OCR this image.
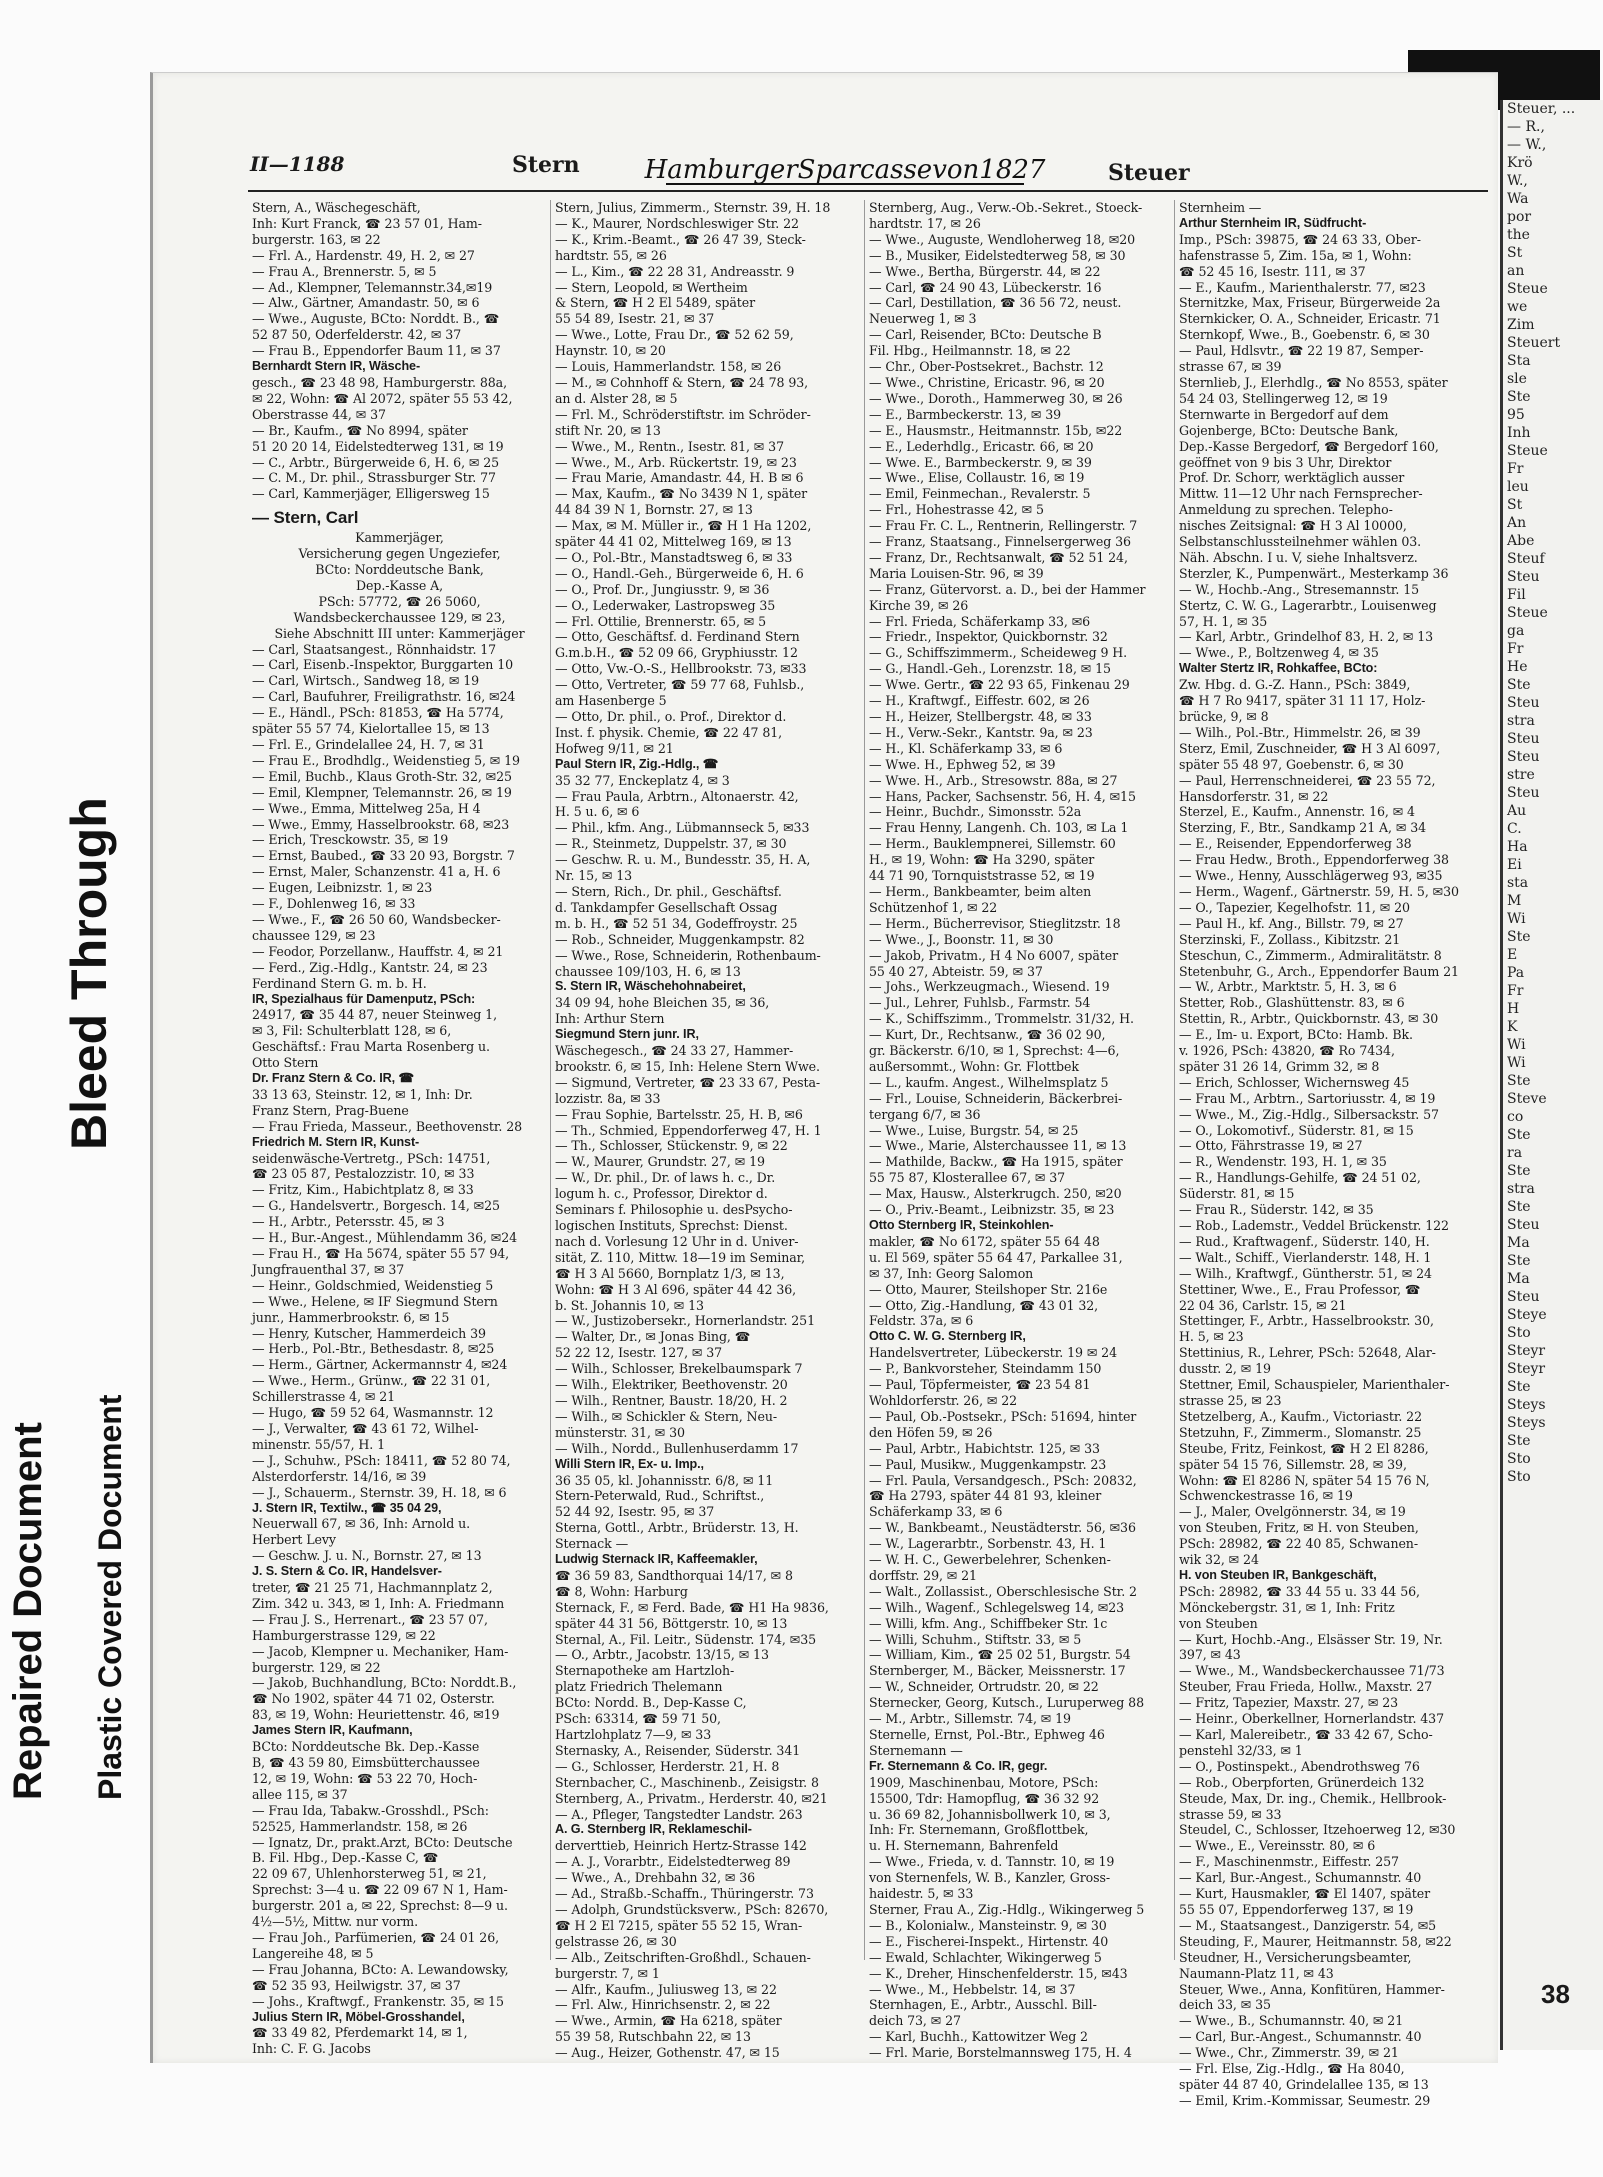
Bleed Through
Repaired Document Plastic Covered Document
Steuer, ...
— R.,
— W.,
Krö
W.,
Wa
por
the
St
an
Steue
we
Zim
Steuert
Sta
sle
Ste
95
Inh
Steue
Fr
leu
St
An
Abe
Steuf
Steu
Fil
Steue
ga
Fr
He
Ste
Steu
stra
Steu
Steu
stre
Steu
Au
C.
Ha
Ei
sta
M
Wi
Ste
E
Pa
Fr
H
K
Wi
Wi
Ste
Steve
co
Ste
ra
Ste
stra
Ste
Steu
Ma
Ste
Ma
Steu
Steye
Sto
Steyr
Steyr
Ste
Steys
Steys
Ste
Sto
Sto
38
II—1188	Stern HamburgerSparcassevon1827	Steuer
Stern, A., Wäschegeschäft,
Inh: Kurt Franck, ☎ 23 57 01, Ham-
burgerstr. 163, ✉ 22
— Frl. A., Hardenstr. 49, H. 2, ✉ 27
— Frau A., Brennerstr. 5, ✉ 5
— Ad., Klempner, Telemannstr.34,✉19
— Alw., Gärtner, Amandastr. 50, ✉ 6
— Wwe., Auguste, BCto: Norddt. B., ☎
52 87 50, Oderfelderstr. 42, ✉ 37
— Frau B., Eppendorfer Baum 11, ✉ 37
Bernhardt Stern IR, Wäsche-
gesch., ☎ 23 48 98, Hamburgerstr. 88a,
✉ 22, Wohn: ☎ Al 2072, später 55 53 42,
Oberstrasse 44, ✉ 37
— Br., Kaufm., ☎ No 8994, später
51 20 20 14, Eidelstedterweg 131, ✉ 19
— C., Arbtr., Bürgerweide 6, H. 6, ✉ 25
— C. M., Dr. phil., Strassburger Str. 77
— Carl, Kammerjäger, Elligersweg 15
— Stern, Carl
Kammerjäger,
Versicherung gegen Ungeziefer,
BCto: Norddeutsche Bank,
Dep.-Kasse A,
PSch: 57772, ☎ 26 5060,
Wandsbeckerchaussee 129, ✉ 23,
Siehe Abschnitt III unter: Kammerjäger
— Carl, Staatsangest., Rönnhaidstr. 17
— Carl, Eisenb.-Inspektor, Burggarten 10
— Carl, Wirtsch., Sandweg 18, ✉ 19
— Carl, Baufuhrer, Freiligrathstr. 16, ✉24
— E., Händl., PSch: 81853, ☎ Ha 5774,
später 55 57 74, Kielortallee 15, ✉ 13
— Frl. E., Grindelallee 24, H. 7, ✉ 31
— Frau E., Brodhdlg., Weidenstieg 5, ✉ 19
— Emil, Buchb., Klaus Groth-Str. 32, ✉25
— Emil, Klempner, Telemannstr. 26, ✉ 19
— Wwe., Emma, Mittelweg 25a, H 4
— Wwe., Emmy, Hasselbrookstr. 68, ✉23
— Erich, Tresckowstr. 35, ✉ 19
— Ernst, Baubed., ☎ 33 20 93, Borgstr. 7
— Ernst, Maler, Schanzenstr. 41 a, H. 6
— Eugen, Leibnizstr. 1, ✉ 23
— F., Dohlenweg 16, ✉ 33
— Wwe., F., ☎ 26 50 60, Wandsbecker-
chaussee 129, ✉ 23
— Feodor, Porzellanw., Hauffstr. 4, ✉ 21
— Ferd., Zig.-Hdlg., Kantstr. 24, ✉ 23
Ferdinand Stern G. m. b. H.
IR, Spezialhaus für Damenputz, PSch:
24917, ☎ 35 44 87, neuer Steinweg 1,
✉ 3, Fil: Schulterblatt 128, ✉ 6,
Geschäftsf.: Frau Marta Rosenberg u.
Otto Stern
Dr. Franz Stern & Co. IR, ☎
33 13 63, Steinstr. 12, ✉ 1, Inh: Dr.
Franz Stern, Prag-Buene
— Frau Frieda, Masseur., Beethovenstr. 28
Friedrich M. Stern IR, Kunst-
seidenwäsche-Vertretg., PSch: 14751,
☎ 23 05 87, Pestalozzistr. 10, ✉ 33
— Fritz, Kim., Habichtplatz 8, ✉ 33
— G., Handelsvertr., Borgesch. 14, ✉25
— H., Arbtr., Petersstr. 45, ✉ 3
— H., Bur.-Angest., Mühlendamm 36, ✉24
— Frau H., ☎ Ha 5674, später 55 57 94,
Jungfrauenthal 37, ✉ 37
— Heinr., Goldschmied, Weidenstieg 5
— Wwe., Helene, ✉ IF Siegmund Stern
junr., Hammerbrookstr. 6, ✉ 15
— Henry, Kutscher, Hammerdeich 39
— Herb., Pol.-Btr., Bethesdastr. 8, ✉25
— Herm., Gärtner, Ackermannstr 4, ✉24
— Wwe., Herm., Grünw., ☎ 22 31 01,
Schillerstrasse 4, ✉ 21
— Hugo, ☎ 59 52 64, Wasmannstr. 12
— J., Verwalter, ☎ 43 61 72, Wilhel-
minenstr. 55/57, H. 1
— J., Schuhw., PSch: 18411, ☎ 52 80 74,
Alsterdorferstr. 14/16, ✉ 39
— J., Schauerm., Sternstr. 39, H. 18, ✉ 6
J. Stern IR, Textilw., ☎ 35 04 29,
Neuerwall 67, ✉ 36, Inh: Arnold u.
Herbert Levy
— Geschw. J. u. N., Bornstr. 27, ✉ 13
J. S. Stern & Co. IR, Handelsver-
treter, ☎ 21 25 71, Hachmannplatz 2,
Zim. 342 u. 343, ✉ 1, Inh: A. Friedmann
— Frau J. S., Herrenart., ☎ 23 57 07,
Hamburgerstrasse 129, ✉ 22
— Jacob, Klempner u. Mechaniker, Ham-
burgerstr. 129, ✉ 22
— Jakob, Buchhandlung, BCto: Norddt.B.,
☎ No 1902, später 44 71 02, Osterstr.
83, ✉ 19, Wohn: Heuriettenstr. 46, ✉19
James Stern IR, Kaufmann,
BCto: Norddeutsche Bk. Dep.-Kasse
B, ☎ 43 59 80, Eimsbütterchaussee
12, ✉ 19, Wohn: ☎ 53 22 70, Hoch-
allee 115, ✉ 37
— Frau Ida, Tabakw.-Grosshdl., PSch:
52525, Hammerlandstr. 158, ✉ 26
— Ignatz, Dr., prakt.Arzt, BCto: Deutsche
B. Fil. Hbg., Dep.-Kasse C, ☎
22 09 67, Uhlenhorsterweg 51, ✉ 21,
Sprechst: 3—4 u. ☎ 22 09 67 N 1, Ham-
burgerstr. 201 a, ✉ 22, Sprechst: 8—9 u.
4½—5½, Mittw. nur vorm.
— Frau Joh., Parfümerien, ☎ 24 01 26,
Langereihe 48, ✉ 5
— Frau Johanna, BCto: A. Lewandowsky,
☎ 52 35 93, Heilwigstr. 37, ✉ 37
— Johs., Kraftwgf., Frankenstr. 35, ✉ 15
Julius Stern IR, Möbel-Grosshandel,
☎ 33 49 82, Pferdemarkt 14, ✉ 1,
Inh: C. F. G. Jacobs
Stern, Julius, Zimmerm., Sternstr. 39, H. 18
— K., Maurer, Nordschleswiger Str. 22
— K., Krim.-Beamt., ☎ 26 47 39, Steck-
hardtstr. 55, ✉ 26
— L., Kim., ☎ 22 28 31, Andreasstr. 9
— Stern, Leopold, ✉ Wertheim
& Stern, ☎ H 2 El 5489, später
55 54 89, Isestr. 21, ✉ 37
— Wwe., Lotte, Frau Dr., ☎ 52 62 59,
Haynstr. 10, ✉ 20
— Louis, Hammerlandstr. 158, ✉ 26
— M., ✉ Cohnhoff & Stern, ☎ 24 78 93,
an d. Alster 28, ✉ 5
— Frl. M., Schröderstiftstr. im Schröder-
stift Nr. 20, ✉ 13
— Wwe., M., Rentn., Isestr. 81, ✉ 37
— Wwe., M., Arb. Rückertstr. 19, ✉ 23
— Frau Marie, Amandastr. 44, H. B ✉ 6
— Max, Kaufm., ☎ No 3439 N 1, später
44 84 39 N 1, Bornstr. 27, ✉ 13
— Max, ✉ M. Müller ir., ☎ H 1 Ha 1202,
später 44 41 02, Mittelweg 169, ✉ 13
— O., Pol.-Btr., Manstadtsweg 6, ✉ 33
— O., Handl.-Geh., Bürgerweide 6, H. 6
— O., Prof. Dr., Jungiusstr. 9, ✉ 36
— O., Lederwaker, Lastropsweg 35
— Frl. Ottilie, Brennerstr. 65, ✉ 5
— Otto, Geschäftsf. d. Ferdinand Stern
G.m.b.H., ☎ 52 09 66, Gryphiusstr. 12
— Otto, Vw.-O.-S., Hellbrookstr. 73, ✉33
— Otto, Vertreter, ☎ 59 77 68, Fuhlsb.,
am Hasenberge 5
— Otto, Dr. phil., o. Prof., Direktor d.
Inst. f. physik. Chemie, ☎ 22 47 81,
Hofweg 9/11, ✉ 21
Paul Stern IR, Zig.-Hdlg., ☎
35 32 77, Enckeplatz 4, ✉ 3
— Frau Paula, Arbtrn., Altonaerstr. 42,
H. 5 u. 6, ✉ 6
— Phil., kfm. Ang., Lübmannseck 5, ✉33
— R., Steinmetz, Duppelstr. 37, ✉ 30
— Geschw. R. u. M., Bundesstr. 35, H. A,
Nr. 15, ✉ 13
— Stern, Rich., Dr. phil., Geschäftsf.
d. Tankdampfer Gesellschaft Ossag
m. b. H., ☎ 52 51 34, Godeffroystr. 25
— Rob., Schneider, Muggenkampstr. 82
— Wwe., Rose, Schneiderin, Rothenbaum-
chaussee 109/103, H. 6, ✉ 13
S. Stern IR, Wäschehohnabeiret,
34 09 94, hohe Bleichen 35, ✉ 36,
Inh: Arthur Stern
Siegmund Stern junr. IR,
Wäschegesch., ☎ 24 33 27, Hammer-
brookstr. 6, ✉ 15, Inh: Helene Stern Wwe.
— Sigmund, Vertreter, ☎ 23 33 67, Pesta-
lozzistr. 8a, ✉ 33
— Frau Sophie, Bartelsstr. 25, H. B, ✉6
— Th., Schmied, Eppendorferweg 47, H. 1
— Th., Schlosser, Stückenstr. 9, ✉ 22
— W., Maurer, Grundstr. 27, ✉ 19
— W., Dr. phil., Dr. of laws h. c., Dr.
logum h. c., Professor, Direktor d.
Seminars f. Philosophie u. desPsycho-
logischen Instituts, Sprechst: Dienst.
nach d. Vorlesung 12 Uhr in d. Univer-
sität, Z. 110, Mittw. 18—19 im Seminar,
☎ H 3 Al 5660, Bornplatz 1/3, ✉ 13,
Wohn: ☎ H 3 Al 696, später 44 42 36,
b. St. Johannis 10, ✉ 13
— W., Justizobersekr., Hornerlandstr. 251
— Walter, Dr., ✉ Jonas Bing, ☎
52 22 12, Isestr. 127, ✉ 37
— Wilh., Schlosser, Brekelbaumspark 7
— Wilh., Elektriker, Beethovenstr. 20
— Wilh., Rentner, Baustr. 18/20, H. 2
— Wilh., ✉ Schickler & Stern, Neu-
münsterstr. 31, ✉ 30
— Wilh., Nordd., Bullenhuserdamm 17
Willi Stern IR, Ex- u. Imp.,
36 35 05, kl. Johannisstr. 6/8, ✉ 11
Stern-Peterwald, Rud., Schriftst.,
52 44 92, Isestr. 95, ✉ 37
Sterna, Gottl., Arbtr., Brüderstr. 13, H.
Sternack —
Ludwig Sternack IR, Kaffeemakler,
☎ 36 59 83, Sandthorquai 14/17, ✉ 8
☎ 8, Wohn: Harburg
Sternack, F., ✉ Ferd. Bade, ☎ H1 Ha 9836,
später 44 31 56, Böttgerstr. 10, ✉ 13
Sternal, A., Fil. Leitr., Südenstr. 174, ✉35
— O., Arbtr., Jacobstr. 13/15, ✉ 13
Sternapotheke am Hartzloh-
platz Friedrich Thelemann
BCto: Nordd. B., Dep-Kasse C,
PSch: 63314, ☎ 59 71 50,
Hartzlohplatz 7—9, ✉ 33
Sternasky, A., Reisender, Süderstr. 341
— G., Schlosser, Herderstr. 21, H. 8
Sternbacher, C., Maschinenb., Zeisigstr. 8
Sternberg, A., Privatm., Herderstr. 40, ✉21
— A., Pfleger, Tangstedter Landstr. 263
A. G. Sternberg IR, Reklameschil-
derverttieb, Heinrich Hertz-Strasse 142
— A. J., Vorarbtr., Eidelstedterweg 89
— Wwe., A., Drehbahn 32, ✉ 36
— Ad., Straßb.-Schaffn., Thüringerstr. 73
— Adolph, Grundstücksverw., PSch: 82670,
☎ H 2 El 7215, später 55 52 15, Wran-
gelstrasse 26, ✉ 30
— Alb., Zeitschriften-Großhdl., Schauen-
burgerstr. 7, ✉ 1
— Alfr., Kaufm., Juliusweg 13, ✉ 22
— Frl. Alw., Hinrichsenstr. 2, ✉ 22
— Wwe., Armin, ☎ Ha 6218, später
55 39 58, Rutschbahn 22, ✉ 13
— Aug., Heizer, Gothenstr. 47, ✉ 15
Sternberg, Aug., Verw.-Ob.-Sekret., Stoeck-
hardtstr. 17, ✉ 26
— Wwe., Auguste, Wendloherweg 18, ✉20
— B., Musiker, Eidelstedterweg 58, ✉ 30
— Wwe., Bertha, Bürgerstr. 44, ✉ 22
— Carl, ☎ 24 90 43, Lübeckerstr. 16
— Carl, Destillation, ☎ 36 56 72, neust.
Neuerweg 1, ✉ 3
— Carl, Reisender, BCto: Deutsche B
Fil. Hbg., Heilmannstr. 18, ✉ 22
— Chr., Ober-Postsekret., Bachstr. 12
— Wwe., Christine, Ericastr. 96, ✉ 20
— Wwe., Doroth., Hammerweg 30, ✉ 26
— E., Barmbeckerstr. 13, ✉ 39
— E., Hausmstr., Heitmannstr. 15b, ✉22
— E., Lederhdlg., Ericastr. 66, ✉ 20
— Wwe. E., Barmbeckerstr. 9, ✉ 39
— Wwe., Elise, Collaustr. 16, ✉ 19
— Emil, Feinmechan., Revalerstr. 5
— Frl., Hohestrasse 42, ✉ 5
— Frau Fr. C. L., Rentnerin, Rellingerstr. 7
— Franz, Staatsang., Finnelsergerweg 36
— Franz, Dr., Rechtsanwalt, ☎ 52 51 24,
Maria Louisen-Str. 96, ✉ 39
— Franz, Gütervorst. a. D., bei der Hammer
Kirche 39, ✉ 26
— Frl. Frieda, Schäferkamp 33, ✉6
— Friedr., Inspektor, Quickbornstr. 32
— G., Schiffszimmerm., Scheideweg 9 H.
— G., Handl.-Geh., Lorenzstr. 18, ✉ 15
— Wwe. Gertr., ☎ 22 93 65, Finkenau 29
— H., Kraftwgf., Eiffestr. 602, ✉ 26
— H., Heizer, Stellbergstr. 48, ✉ 33
— H., Verw.-Sekr., Kantstr. 9a, ✉ 23
— H., Kl. Schäferkamp 33, ✉ 6
— Wwe. H., Ephweg 52, ✉ 39
— Wwe. H., Arb., Stresowstr. 88a, ✉ 27
— Hans, Packer, Sachsenstr. 56, H. 4, ✉15
— Heinr., Buchdr., Simonsstr. 52a
— Frau Henny, Langenh. Ch. 103, ✉ La 1
— Herm., Bauklempnerei, Sillemstr. 60
H., ✉ 19, Wohn: ☎ Ha 3290, später
44 71 90, Tornquiststrasse 52, ✉ 19
— Herm., Bankbeamter, beim alten
Schützenhof 1, ✉ 22
— Herm., Bücherrevisor, Stieglitzstr. 18
— Wwe., J., Boonstr. 11, ✉ 30
— Jakob, Privatm., H 4 No 6007, später
55 40 27, Abteistr. 59, ✉ 37
— Johs., Werkzeugmach., Wiesend. 19
— Jul., Lehrer, Fuhlsb., Farmstr. 54
— K., Schiffszimm., Trommelstr. 31/32, H.
— Kurt, Dr., Rechtsanw., ☎ 36 02 90,
gr. Bäckerstr. 6/10, ✉ 1, Sprechst: 4—6,
außersommt., Wohn: Gr. Flottbek
— L., kaufm. Angest., Wilhelmsplatz 5
— Frl., Louise, Schneiderin, Bäckerbrei-
tergang 6/7, ✉ 36
— Wwe., Luise, Burgstr. 54, ✉ 25
— Wwe., Marie, Alsterchaussee 11, ✉ 13
— Mathilde, Backw., ☎ Ha 1915, später
55 75 87, Klosterallee 67, ✉ 37
— Max, Hausw., Alsterkrugch. 250, ✉20
— O., Priv.-Beamt., Leibnizstr. 35, ✉ 23
Otto Sternberg IR, Steinkohlen-
makler, ☎ No 6172, später 55 64 48
u. El 569, später 55 64 47, Parkallee 31,
✉ 37, Inh: Georg Salomon
— Otto, Maurer, Steilshoper Str. 216e
— Otto, Zig.-Handlung, ☎ 43 01 32,
Feldstr. 37a, ✉ 6
Otto C. W. G. Sternberg IR,
Handelsvertreter, Lübeckerstr. 19 ✉ 24
— P., Bankvorsteher, Steindamm 150
— Paul, Töpfermeister, ☎ 23 54 81
Wohldorferstr. 26, ✉ 22
— Paul, Ob.-Postsekr., PSch: 51694, hinter
den Höfen 59, ✉ 26
— Paul, Arbtr., Habichtstr. 125, ✉ 33
— Paul, Musikw., Muggenkampstr. 23
— Frl. Paula, Versandgesch., PSch: 20832,
☎ Ha 2793, später 44 81 93, kleiner
Schäferkamp 33, ✉ 6
— W., Bankbeamt., Neustädterstr. 56, ✉36
— W., Lagerarbtr., Sorbenstr. 43, H. 1
— W. H. C., Gewerbelehrer, Schenken-
dorffstr. 29, ✉ 21
— Walt., Zollassist., Oberschlesische Str. 2
— Wilh., Wagenf., Schlegelsweg 14, ✉23
— Willi, kfm. Ang., Schiffbeker Str. 1c
— Willi, Schuhm., Stiftstr. 33, ✉ 5
— William, Kim., ☎ 25 02 51, Burgstr. 54
Sternberger, M., Bäcker, Meissnerstr. 17
— W., Schneider, Ortrudstr. 20, ✉ 22
Sternecker, Georg, Kutsch., Luruperweg 88
— M., Arbtr., Sillemstr. 74, ✉ 19
Sternelle, Ernst, Pol.-Btr., Ephweg 46
Sternemann —
Fr. Sternemann & Co. IR, gegr.
1909, Maschinenbau, Motore, PSch:
15500, Tdr: Hamopflug, ☎ 36 32 92
u. 36 69 82, Johannisbollwerk 10, ✉ 3,
Inh: Fr. Sternemann, Großflottbek,
u. H. Sternemann, Bahrenfeld
— Wwe., Frieda, v. d. Tannstr. 10, ✉ 19
von Sternenfels, W. B., Kanzler, Gross-
haidestr. 5, ✉ 33
Sterner, Frau A., Zig.-Hdlg., Wikingerweg 5
— B., Kolonialw., Mansteinstr. 9, ✉ 30
— E., Fischerei-Inspekt., Hirtenstr. 40
— Ewald, Schlachter, Wikingerweg 5
— K., Dreher, Hinschenfelderstr. 15, ✉43
— Wwe., M., Hebbelstr. 14, ✉ 37
Sternhagen, E., Arbtr., Ausschl. Bill-
deich 73, ✉ 27
— Karl, Buchh., Kattowitzer Weg 2
— Frl. Marie, Borstelmannsweg 175, H. 4
Sternheim —
Arthur Sternheim IR, Südfrucht-
Imp., PSch: 39875, ☎ 24 63 33, Ober-
hafenstrasse 5, Zim. 15a, ✉ 1, Wohn:
☎ 52 45 16, Isestr. 111, ✉ 37
— E., Kaufm., Marienthalerstr. 77, ✉23
Sternitzke, Max, Friseur, Bürgerweide 2a
Sternkicker, O. A., Schneider, Ericastr. 71
Sternkopf, Wwe., B., Goebenstr. 6, ✉ 30
— Paul, Hdlsvtr., ☎ 22 19 87, Semper-
strasse 67, ✉ 39
Sternlieb, J., Elerhdlg., ☎ No 8553, später
54 24 03, Stellingerweg 12, ✉ 19
Sternwarte in Bergedorf auf dem
Gojenberge, BCto: Deutsche Bank,
Dep.-Kasse Bergedorf, ☎ Bergedorf 160,
geöffnet von 9 bis 3 Uhr, Direktor
Prof. Dr. Schorr, werktäglich ausser
Mittw. 11—12 Uhr nach Fernsprecher-
Anmeldung zu sprechen. Telepho-
nisches Zeitsignal: ☎ H 3 Al 10000,
Selbstanschlussteilnehmer wählen 03.
Näh. Abschn. I u. V, siehe Inhaltsverz.
Sterzler, K., Pumpenwärt., Mesterkamp 36
— W., Hochb.-Ang., Stresemannstr. 15
Stertz, C. W. G., Lagerarbtr., Louisenweg
57, H. 1, ✉ 35
— Karl, Arbtr., Grindelhof 83, H. 2, ✉ 13
— Wwe., P., Boltzenweg 4, ✉ 35
Walter Stertz IR, Rohkaffee, BCto:
Zw. Hbg. d. G.-Z. Hann., PSch: 3849,
☎ H 7 Ro 9417, später 31 11 17, Holz-
brücke, 9, ✉ 8
— Wilh., Pol.-Btr., Himmelstr. 26, ✉ 39
Sterz, Emil, Zuschneider, ☎ H 3 Al 6097,
später 55 48 97, Goebenstr. 6, ✉ 30
— Paul, Herrenschneiderei, ☎ 23 55 72,
Hansdorferstr. 31, ✉ 22
Sterzel, E., Kaufm., Annenstr. 16, ✉ 4
Sterzing, F., Btr., Sandkamp 21 A, ✉ 34
— E., Reisender, Eppendorferweg 38
— Frau Hedw., Broth., Eppendorferweg 38
— Wwe., Henny, Ausschlägerweg 93, ✉35
— Herm., Wagenf., Gärtnerstr. 59, H. 5, ✉30
— O., Tapezier, Kegelhofstr. 11, ✉ 20
— Paul H., kf. Ang., Billstr. 79, ✉ 27
Sterzinski, F., Zollass., Kibitzstr. 21
Steschun, C., Zimmerm., Admiralitätstr. 8
Stetenbuhr, G., Arch., Eppendorfer Baum 21
— W., Arbtr., Marktstr. 5, H. 3, ✉ 6
Stetter, Rob., Glashüttenstr. 83, ✉ 6
Stettin, R., Arbtr., Quickbornstr. 43, ✉ 30
— E., Im- u. Export, BCto: Hamb. Bk.
v. 1926, PSch: 43820, ☎ Ro 7434,
später 31 26 14, Grimm 32, ✉ 8
— Erich, Schlosser, Wichernsweg 45
— Frau M., Arbtrn., Sartoriusstr. 4, ✉ 19
— Wwe., M., Zig.-Hdlg., Silbersackstr. 57
— O., Lokomotivf., Süderstr. 81, ✉ 15
— Otto, Fährstrasse 19, ✉ 27
— R., Wendenstr. 193, H. 1, ✉ 35
— R., Handlungs-Gehilfe, ☎ 24 51 02,
Süderstr. 81, ✉ 15
— Frau R., Süderstr. 142, ✉ 35
— Rob., Lademstr., Veddel Brückenstr. 122
— Rud., Kraftwagenf., Süderstr. 140, H.
— Walt., Schiff., Vierlanderstr. 148, H. 1
— Wilh., Kraftwgf., Güntherstr. 51, ✉ 24
Stettiner, Wwe., E., Frau Professor, ☎
22 04 36, Carlstr. 15, ✉ 21
Stettinger, F., Arbtr., Hasselbrookstr. 30,
H. 5, ✉ 23
Stettinius, R., Lehrer, PSch: 52648, Alar-
dusstr. 2, ✉ 19
Stettner, Emil, Schauspieler, Marienthaler-
strasse 25, ✉ 23
Stetzelberg, A., Kaufm., Victoriastr. 22
Stetzuhn, F., Zimmerm., Slomanstr. 25
Steube, Fritz, Feinkost, ☎ H 2 El 8286,
später 54 15 76, Sillemstr. 28, ✉ 39,
Wohn: ☎ El 8286 N, später 54 15 76 N,
Schwenckestrasse 16, ✉ 19
— J., Maler, Ovelgönnerstr. 34, ✉ 19
von Steuben, Fritz, ✉ H. von Steuben,
PSch: 28982, ☎ 22 40 85, Schwanen-
wik 32, ✉ 24
H. von Steuben IR, Bankgeschäft,
PSch: 28982, ☎ 33 44 55 u. 33 44 56,
Mönckebergstr. 31, ✉ 1, Inh: Fritz
von Steuben
— Kurt, Hochb.-Ang., Elsässer Str. 19, Nr.
397, ✉ 43
— Wwe., M., Wandsbeckerchaussee 71/73
Steuber, Frau Frieda, Hollw., Maxstr. 27
— Fritz, Tapezier, Maxstr. 27, ✉ 23
— Heinr., Oberkellner, Hornerlandstr. 437
— Karl, Malereibetr., ☎ 33 42 67, Scho-
penstehl 32/33, ✉ 1
— O., Postinspekt., Abendrothsweg 76
— Rob., Oberpforten, Grünerdeich 132
Steude, Max, Dr. ing., Chemik., Hellbrook-
strasse 59, ✉ 33
Steudel, C., Schlosser, Itzehoerweg 12, ✉30
— Wwe., E., Vereinsstr. 80, ✉ 6
— F., Maschinenmstr., Eiffestr. 257
— Karl, Bur.-Angest., Schumannstr. 40
— Kurt, Hausmakler, ☎ El 1407, später
55 55 07, Eppendorferweg 137, ✉ 19
— M., Staatsangest., Danzigerstr. 54, ✉5
Steuding, F., Maurer, Heitmannstr. 58, ✉22
Steudner, H., Versicherungsbeamter,
Naumann-Platz 11, ✉ 43
Steuer, Wwe., Anna, Konfitüren, Hammer-
deich 33, ✉ 35
— Wwe., B., Schumannstr. 40, ✉ 21
— Carl, Bur.-Angest., Schumannstr. 40
— Wwe., Chr., Zimmerstr. 39, ✉ 21
— Frl. Else, Zig.-Hdlg., ☎ Ha 8040,
später 44 87 40, Grindelallee 135, ✉ 13
— Emil, Krim.-Kommissar, Seumestr. 29
